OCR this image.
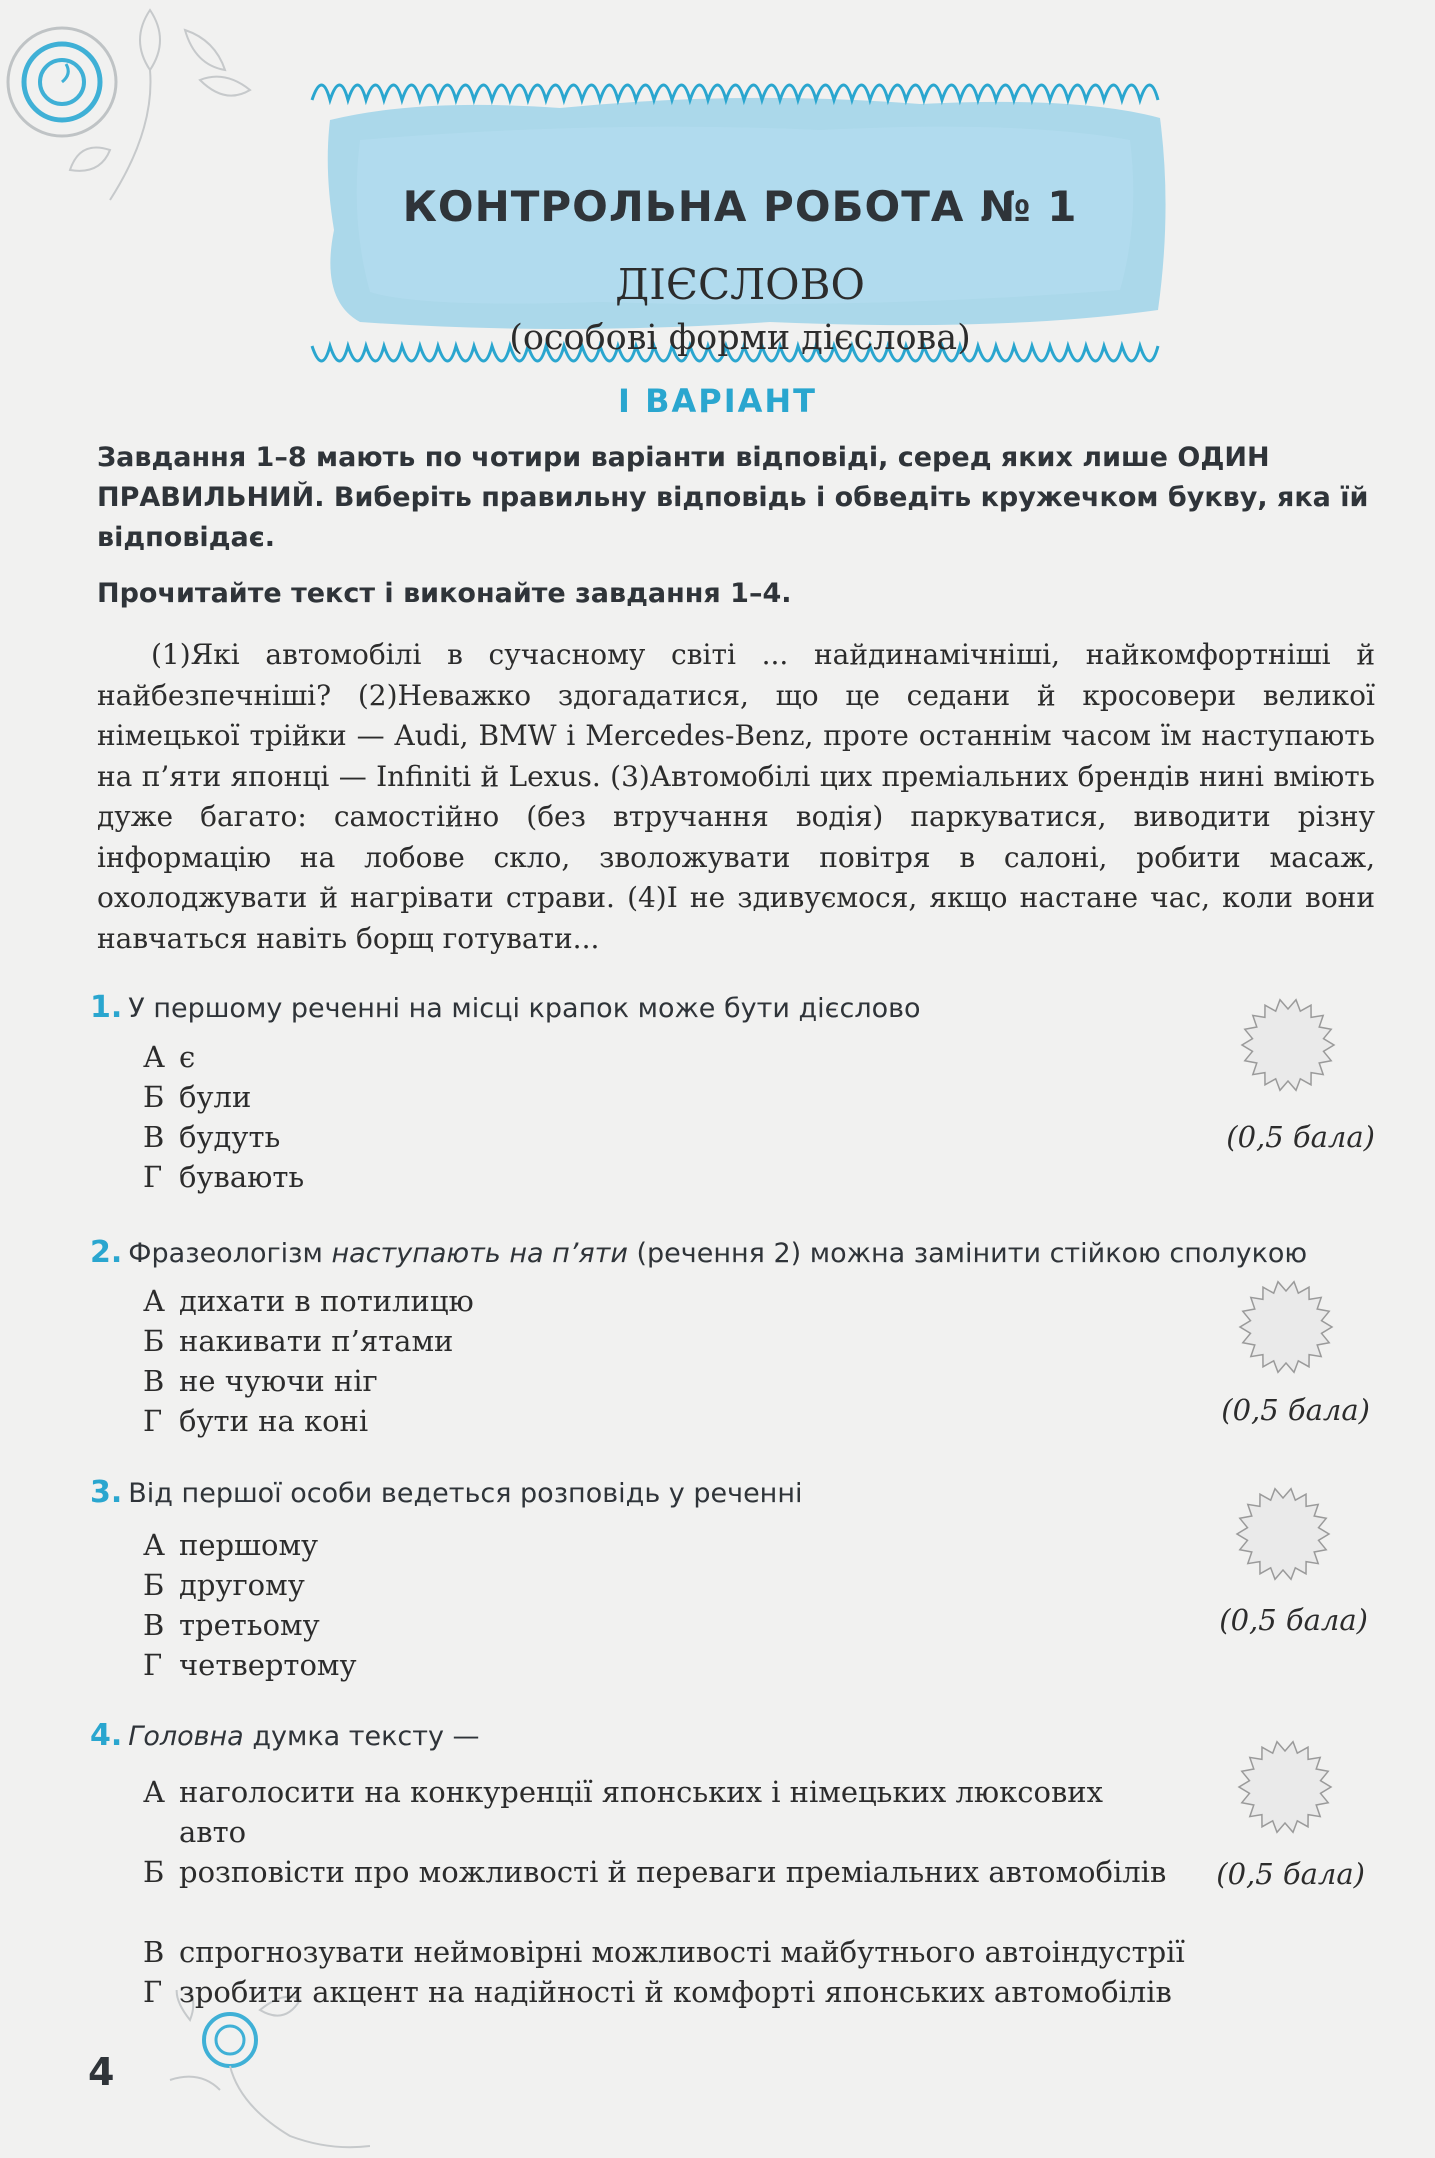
КОНТРОЛЬНА РОБОТА № 1
ДІЄСЛОВО
(особові форми дієслова)
І ВАРІАНТ
Завдання 1–8 мають по чотири варіанти відповіді, серед яких лише ОДИН ПРАВИЛЬНИЙ. Виберіть правильну відповідь і обведіть кружечком букву, яка їй відповідає.
Прочитайте текст і виконайте завдання 1–4.
(1)Які автомобілі в сучасному світі ... найдинамічніші, найкомфортніші й найбезпечніші? (2)Неважко здогадатися, що це седани й кросовери великої німецької трійки — Audi, BMW і Mercedes-Benz, проте останнім часом їм наступають на п’яти японці — Infiniti й Lexus. (3)Автомобілі цих преміальних брендів нині вміють дуже багато: самостійно (без втручання водія) паркуватися, виводити різну інформацію на лобове скло, зволожувати повітря в салоні, робити масаж, охолоджувати й нагрівати страви. (4)І не здивуємося, якщо настане час, коли вони навчаться навіть борщ готувати...
1. У першому реченні на місці крапок може бути дієслово
А є
Б були
В будуть
Г бувають
(0,5 бала)
2. Фразеологізм наступають на п’яти (речення 2) можна замінити стійкою сполукою
А дихати в потилицю
Б накивати п’ятами
В не чуючи ніг
Г бути на коні	(0,5 бала)
3. Від першої особи ведеться розповідь у реченні
А першому
Б другому
В третьому
Г четвертому
(0,5 бала)
4. Головна думка тексту —
А наголосити на конкуренції японських і німецьких люксових авто
Б розповісти про можливості й переваги преміальних автомобілів
В спрогнозувати неймовірні можливості майбутнього автоіндустрії
Г зробити акцент на надійності й комфорті японських автомобілів
(0,5 бала)
4
